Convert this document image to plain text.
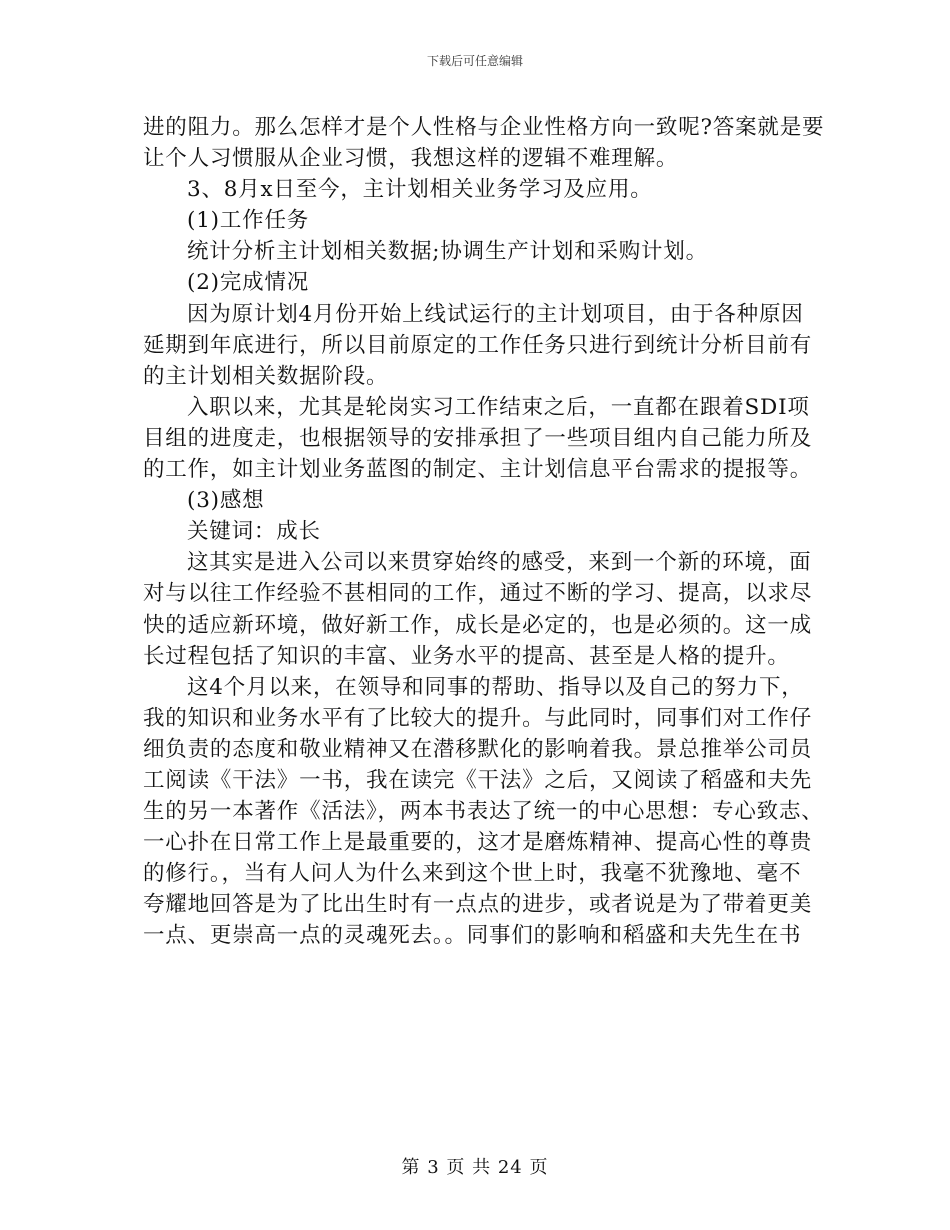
下载后可任意编辑
进的阻力。那么怎样才是个人性格与企业性格方向一致呢?答案就是要
让个人习惯服从企业习惯，我想这样的逻辑不难理解。
3、8月x日至今，主计划相关业务学习及应用。
(1)工作任务
统计分析主计划相关数据;协调生产计划和采购计划。
(2)完成情况
因为原计划4月份开始上线试运行的主计划项目，由于各种原因
延期到年底进行，所以目前原定的工作任务只进行到统计分析目前有
的主计划相关数据阶段。
入职以来，尤其是轮岗实习工作结束之后，一直都在跟着SDI项
目组的进度走，也根据领导的安排承担了一些项目组内自己能力所及
的工作，如主计划业务蓝图的制定、主计划信息平台需求的提报等。
(3)感想
关键词：成长
这其实是进入公司以来贯穿始终的感受，来到一个新的环境，面
对与以往工作经验不甚相同的工作，通过不断的学习、提高，以求尽
快的适应新环境，做好新工作，成长是必定的，也是必须的。这一成
长过程包括了知识的丰富、业务水平的提高、甚至是人格的提升。
这4个月以来，在领导和同事的帮助、指导以及自己的努力下，
我的知识和业务水平有了比较大的提升。与此同时，同事们对工作仔
细负责的态度和敬业精神又在潜移默化的影响着我。景总推举公司员
工阅读《干法》一书，我在读完《干法》之后，又阅读了稻盛和夫先
生的另一本著作《活法》，两本书表达了统一的中心思想：专心致志、
一心扑在日常工作上是最重要的，这才是磨炼精神、提高心性的尊贵
的修行。，当有人问人为什么来到这个世上时，我毫不犹豫地、毫不
夸耀地回答是为了比出生时有一点点的进步，或者说是为了带着更美
一点、更崇高一点的灵魂死去。。同事们的影响和稻盛和夫先生在书
第 3 页 共 24 页
